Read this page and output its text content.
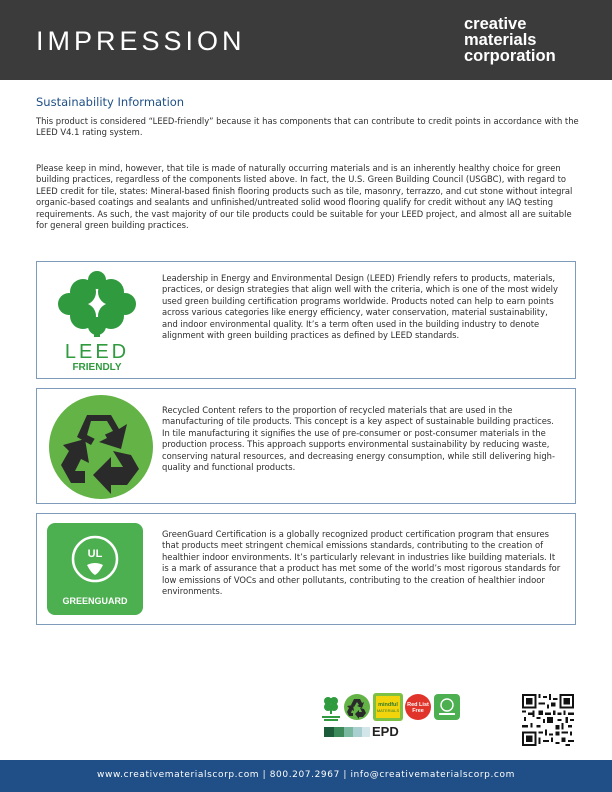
IMPRESSION
creative
materials
corporation
Sustainability Information

This product is considered “LEED-friendly” because it has components that can contribute to credit points in accordance with the LEED V4.1 rating system.

Please keep in mind, however, that tile is made of naturally occurring materials and is an inherently healthy choice for green building practices, regardless of the components listed above. In fact, the U.S. Green Building Council (USGBC), with regard to LEED credit for tile, states: Mineral-based finish flooring products such as tile, masonry, terrazzo, and cut stone without integral organic-based coatings and sealants and unfinished/untreated solid wood flooring qualify for credit without any IAQ testing requirements. As such, the vast majority of our tile products could be suitable for your LEED project, and almost all are suitable for general green building practices.

LEED
FRIENDLY

Leadership in Energy and Environmental Design (LEED) Friendly refers to products, materials, practices, or design strategies that align well with the criteria, which is one of the most widely used green building certification programs worldwide. Products noted can help to earn points across various categories like energy efficiency, water conservation, material sustainability, and indoor environmental quality. It’s a term often used in the building industry to denote alignment with green building practices as defined by LEED standards.

Recycled Content refers to the proportion of recycled materials that are used in the manufacturing of tile products. This concept is a key aspect of sustainable building practices. In tile manufacturing it signifies the use of pre-consumer or post-consumer materials in the production process. This approach supports environmental sustainability by reducing waste, conserving natural resources, and decreasing energy consumption, while still delivering high-quality and functional products.

UL
GREENGUARD

GreenGuard Certification is a globally recognized product certification program that ensures that products meet stringent chemical emissions standards, contributing to the creation of healthier indoor environments. It’s particularly relevant in industries like building materials. It is a mark of assurance that a product has met some of the world’s most rigorous standards for low emissions of VOCs and other pollutants, contributing to the creation of healthier indoor environments.

mindful
MATERIALS
Red List
Free
EPD
www.creativematerialscorp.com | 800.207.2967 | info@creativematerialscorp.com
